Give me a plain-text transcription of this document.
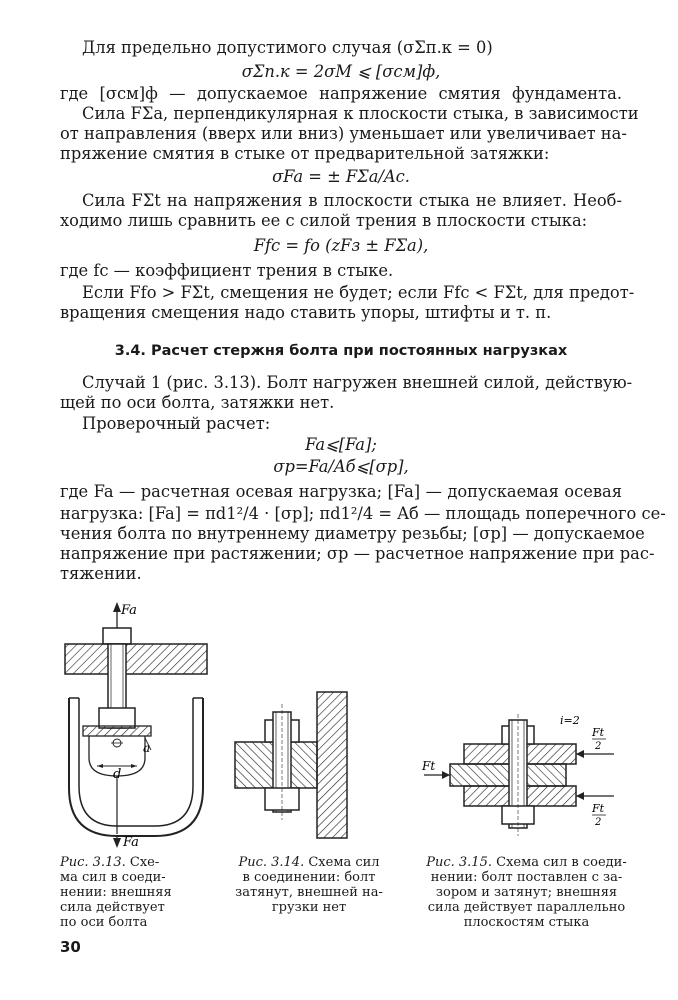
Для предельно допустимого случая (σΣп.к = 0)
σΣп.к = 2σM ⩽ [σсм]ф,
где [σсм]ф — допускаемое напряжение смятия фундамента.
Сила FΣa, перпендикулярная к плоскости стыка, в зависимости
от направления (вверх или вниз) уменьшает или увеличивает на-
пряжение смятия в стыке от предварительной затяжки:
σFa = ± FΣa/Aс.
Сила FΣt на напряжения в плоскости стыка не влияет. Необ-
ходимо лишь сравнить ее с силой трения в плоскости стыка:
Ffс = fо (zFз ± FΣa),
где fс — коэффициент трения в стыке.
Если Ffо > FΣt, смещения не будет; если Ffс < FΣt, для предот-
вращения смещения надо ставить упоры, штифты и т. п.
3.4. Расчет стержня болта при постоянных нагрузках
Случай 1 (рис. 3.13). Болт нагружен внешней силой, действую-
щей по оси болта, затяжки нет.
Проверочный расчет:
Fa⩽[Fa];
σр=Fa/Aб⩽[σр],
где Fa — расчетная осевая нагрузка; [Fa] — допускаемая осевая
нагрузка: [Fa] = πd1²/4 · [σр]; πd1²/4 = Aб — площадь поперечного се-
чения болта по внутреннему диаметру резьбы; [σр] — допускаемое
напряжение при растяжении; σр — расчетное напряжение при рас-
тяжении.
Fa
d
a
Fa
Ft
i=2
Ft
2
Ft
2
Рис. 3.13. Схе-
ма сил в соеди-
нении: внешняя
сила действует
по оси болта
Рис. 3.14. Схема сил
в соединении: болт
затянут, внешней на-
грузки нет
Рис. 3.15. Схема сил в соеди-
нении: болт поставлен с за-
зором и затянут; внешняя
сила действует параллельно
плоскостям стыка
30
